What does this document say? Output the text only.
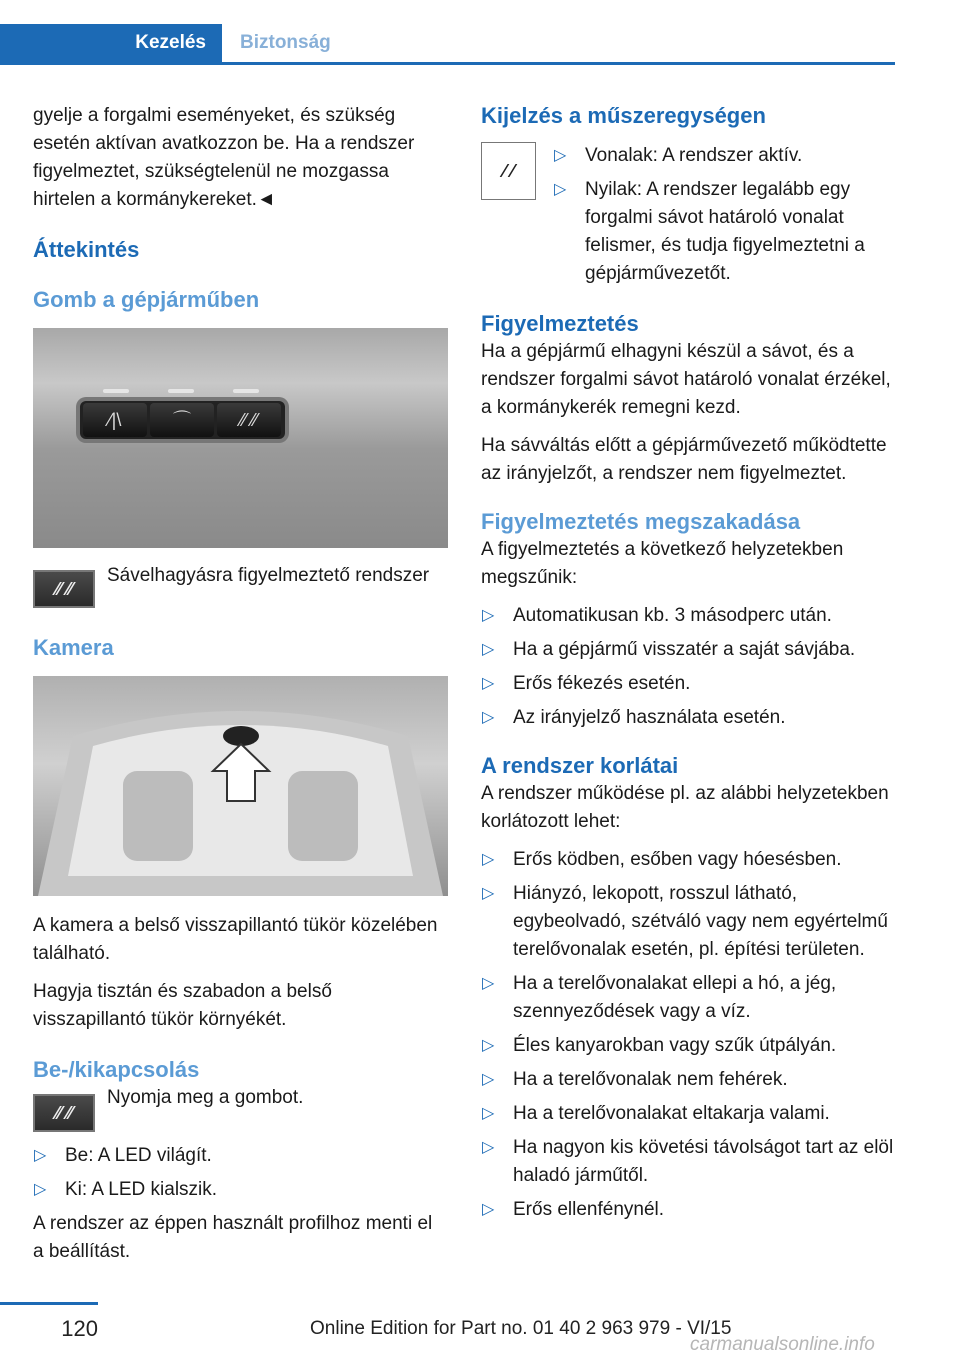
Kezelés	Biztonság

gyelje a forgalmi eseményeket, és szükség esetén aktívan avatkozzon be. Ha a rendszer figyelmeztet, szükségtelenül ne mozgassa hirtelen a kormánykereket.◄

Áttekintés
Gomb a gépjárműben
⁄|\	⌒	⁄⁄ ⁄⁄
⁄⁄ ⁄⁄

Sávelhagyásra figyelmeztető rendszer

Kamera

A kamera a belső visszapillantó tükör közelében található.

Hagyja tisztán és szabadon a belső visszapillantó tükör környékét.

Be-/kikapcsolás
⁄⁄ ⁄⁄

Nyomja meg a gombot.

▷ Be: A LED világít.
▷ Ki: A LED kialszik.

A rendszer az éppen használt profilhoz menti el a beállítást.

Kijelzés a műszeregységen
⁄ ⁄
▷ Vonalak: A rendszer aktív.
▷ Nyilak: A rendszer legalább egy forgalmi sávot határoló vonalat felismer, és tudja figyelmeztetni a gépjárművezetőt.
Figyelmeztetés

Ha a gépjármű elhagyni készül a sávot, és a rendszer forgalmi sávot határoló vonalat érzékel, a kormánykerék remegni kezd.

Ha sávváltás előtt a gépjárművezető működtette az irányjelzőt, a rendszer nem figyelmeztet.

Figyelmeztetés megszakadása

A figyelmeztetés a következő helyzetekben megszűnik:

▷ Automatikusan kb. 3 másodperc után.
▷ Ha a gépjármű visszatér a saját sávjába.
▷ Erős fékezés esetén.
▷ Az irányjelző használata esetén.
A rendszer korlátai

A rendszer működése pl. az alábbi helyzetekben korlátozott lehet:

▷ Erős ködben, esőben vagy hóesésben.
▷ Hiányzó, lekopott, rosszul látható, egybeolvadó, szétváló vagy nem egyértelmű terelővonalak esetén, pl. építési területen.
▷ Ha a terelővonalakat ellepi a hó, a jég, szennyeződések vagy a víz.
▷ Éles kanyarokban vagy szűk útpályán.
▷ Ha a terelővonalak nem fehérek.
▷ Ha a terelővonalakat eltakarja valami.
▷ Ha nagyon kis követési távolságot tart az elöl haladó járműtől.
▷ Erős ellenfénynél.
120	Online Edition for Part no. 01 40 2 963 979 - VI/15
carmanualsonline.info
